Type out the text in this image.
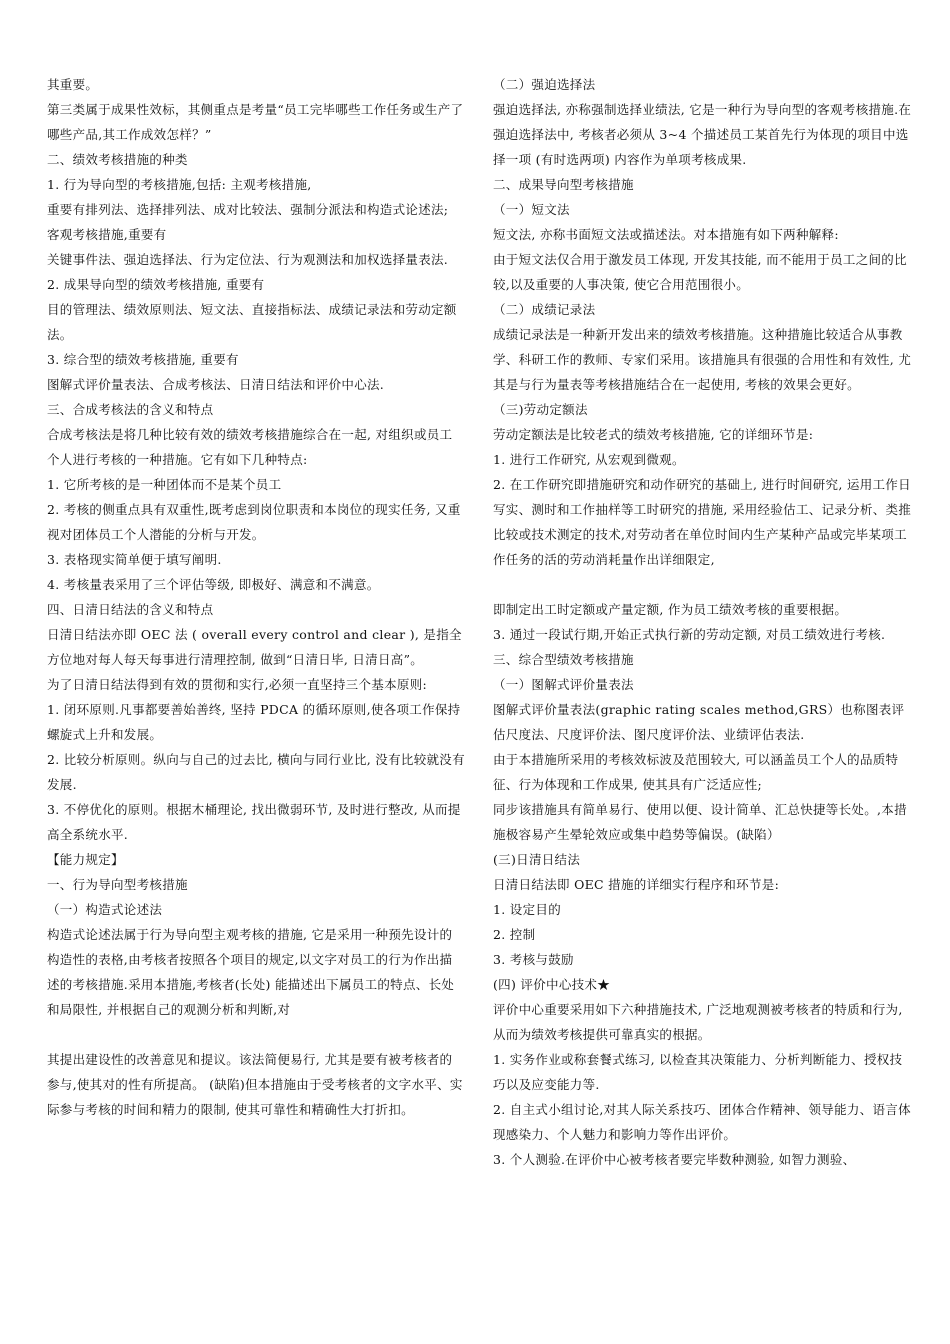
其重要。

第三类属于成果性效标，其侧重点是考量“员工完毕哪些工作任务或生产了哪些产品,其工作成效怎样？”

二、绩效考核措施的种类

1. 行为导向型的考核措施,包括: 主观考核措施,

重要有排列法、选择排列法、成对比较法、强制分派法和构造式论述法;

客观考核措施,重要有

关键事件法、强迫选择法、行为定位法、行为观测法和加权选择量表法.

2. 成果导向型的绩效考核措施, 重要有

目的管理法、绩效原则法、短文法、直接指标法、成绩记录法和劳动定额法。

3. 综合型的绩效考核措施, 重要有

图解式评价量表法、合成考核法、日清日结法和评价中心法.

三、合成考核法的含义和特点

合成考核法是将几种比较有效的绩效考核措施综合在一起, 对组织或员工个人进行考核的一种措施。它有如下几种特点:

1. 它所考核的是一种团体而不是某个员工

2. 考核的侧重点具有双重性,既考虑到岗位职责和本岗位的现实任务, 又重视对团体员工个人潜能的分析与开发。

3. 表格现实简单便于填写阐明.

4. 考核量表采用了三个评估等级, 即极好、满意和不满意。

四、日清日结法的含义和特点

日清日结法亦即 OEC 法 ( overall every control and clear ), 是指全方位地对每人每天每事进行清理控制, 做到“日清日毕, 日清日高”。

为了日清日结法得到有效的贯彻和实行,必须一直坚持三个基本原则:

1. 闭环原则.凡事都要善始善终, 坚持 PDCA 的循环原则,使各项工作保持螺旋式上升和发展。

2. 比较分析原则。纵向与自己的过去比, 横向与同行业比, 没有比较就没有发展.

3. 不停优化的原则。根据木桶理论, 找出微弱环节, 及时进行整改, 从而提高全系统水平.

【能力规定】

一、行为导向型考核措施

（一）构造式论述法

构造式论述法属于行为导向型主观考核的措施, 它是采用一种预先设计的构造性的表格,由考核者按照各个项目的规定,以文字对员工的行为作出描述的考核措施.采用本措施,考核者(长处) 能描述出下属员工的特点、长处和局限性, 并根据自己的观测分析和判断,对

其提出建设性的改善意见和提议。该法简便易行, 尤其是要有被考核者的参与,使其对的性有所提高。 (缺陷)但本措施由于受考核者的文字水平、实际参与考核的时间和精力的限制, 使其可靠性和精确性大打折扣。

（二）强迫选择法

强迫选择法, 亦称强制选择业绩法, 它是一种行为导向型的客观考核措施.在强迫选择法中, 考核者必须从 3~4 个描述员工某首先行为体现的项目中选择一项 (有时选两项) 内容作为单项考核成果.

二、成果导向型考核措施

（一）短文法

短文法, 亦称书面短文法或描述法。对本措施有如下两种解释:

由于短文法仅合用于激发员工体现, 开发其技能, 而不能用于员工之间的比较,以及重要的人事决策, 使它合用范围很小。

（二）成绩记录法

成绩记录法是一种新开发出来的绩效考核措施。这种措施比较适合从事教学、科研工作的教师、专家们采用。该措施具有很强的合用性和有效性, 尤其是与行为量表等考核措施结合在一起使用, 考核的效果会更好。

（三)劳动定额法

劳动定额法是比较老式的绩效考核措施, 它的详细环节是:

1. 进行工作研究, 从宏观到微观。

2. 在工作研究即措施研究和动作研究的基础上, 进行时间研究, 运用工作日写实、测时和工作抽样等工时研究的措施, 采用经验估工、记录分析、类推比较或技术测定的技术,对劳动者在单位时间内生产某种产品或完毕某项工作任务的活的劳动消耗量作出详细限定,

即制定出工时定额或产量定额, 作为员工绩效考核的重要根据。

3. 通过一段试行期,开始正式执行新的劳动定额, 对员工绩效进行考核.

三、综合型绩效考核措施

（一）图解式评价量表法

图解式评价量表法(graphic rating scales method,GRS）也称图表评估尺度法、尺度评价法、图尺度评价法、业绩评估表法.

由于本措施所采用的考核效标波及范围较大, 可以涵盖员工个人的品质特征、行为体现和工作成果, 使其具有广泛适应性;

同步该措施具有简单易行、使用以便、设计简单、汇总快捷等长处。,本措施极容易产生晕轮效应或集中趋势等偏误。(缺陷）

(三)日清日结法

日清日结法即 OEC 措施的详细实行程序和环节是:

1. 设定目的

2. 控制

3. 考核与鼓励

(四) 评价中心技术★

评价中心重要采用如下六种措施技术, 广泛地观测被考核者的特质和行为, 从而为绩效考核提供可靠真实的根据。

1. 实务作业或称套餐式练习, 以检查其决策能力、分析判断能力、授权技巧以及应变能力等.

2. 自主式小组讨论,对其人际关系技巧、团体合作精神、领导能力、语言体现感染力、个人魅力和影响力等作出评价。

3. 个人测验.在评价中心被考核者要完毕数种测验, 如智力测验、
